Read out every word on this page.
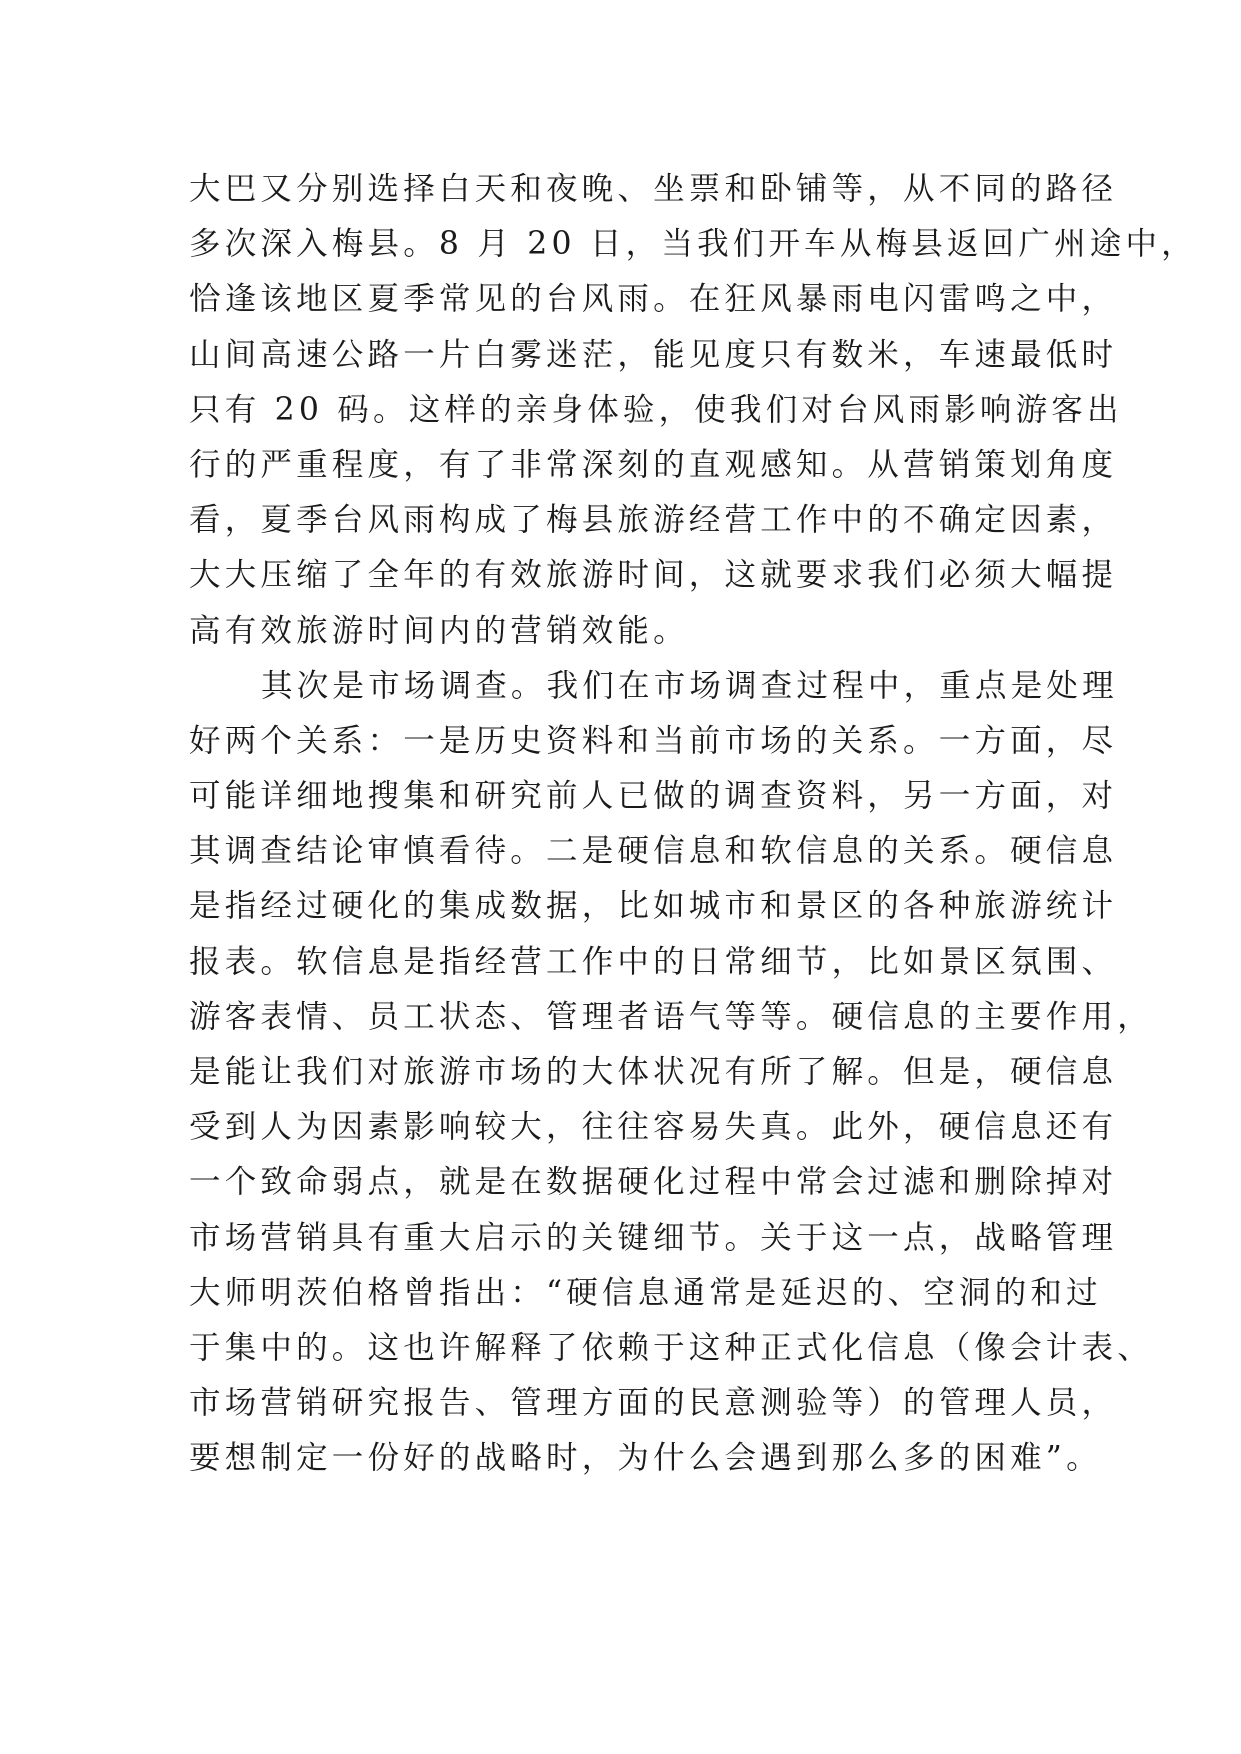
大巴又分别选择白天和夜晚、坐票和卧铺等，从不同的路径
多次深入梅县。8 月 20 日，当我们开车从梅县返回广州途中，
恰逢该地区夏季常见的台风雨。在狂风暴雨电闪雷鸣之中，
山间高速公路一片白雾迷茫，能见度只有数米，车速最低时
只有 20 码。这样的亲身体验，使我们对台风雨影响游客出
行的严重程度，有了非常深刻的直观感知。从营销策划角度
看，夏季台风雨构成了梅县旅游经营工作中的不确定因素，
大大压缩了全年的有效旅游时间，这就要求我们必须大幅提
高有效旅游时间内的营销效能。
其次是市场调查。我们在市场调查过程中，重点是处理
好两个关系：一是历史资料和当前市场的关系。一方面，尽
可能详细地搜集和研究前人已做的调查资料，另一方面，对
其调查结论审慎看待。二是硬信息和软信息的关系。硬信息
是指经过硬化的集成数据，比如城市和景区的各种旅游统计
报表。软信息是指经营工作中的日常细节，比如景区氛围、
游客表情、员工状态、管理者语气等等。硬信息的主要作用，
是能让我们对旅游市场的大体状况有所了解。但是，硬信息
受到人为因素影响较大，往往容易失真。此外，硬信息还有
一个致命弱点，就是在数据硬化过程中常会过滤和删除掉对
市场营销具有重大启示的关键细节。关于这一点，战略管理
大师明茨伯格曾指出：“硬信息通常是延迟的、空洞的和过
于集中的。这也许解释了依赖于这种正式化信息（像会计表、
市场营销研究报告、管理方面的民意测验等）的管理人员，
要想制定一份好的战略时，为什么会遇到那么多的困难”。
